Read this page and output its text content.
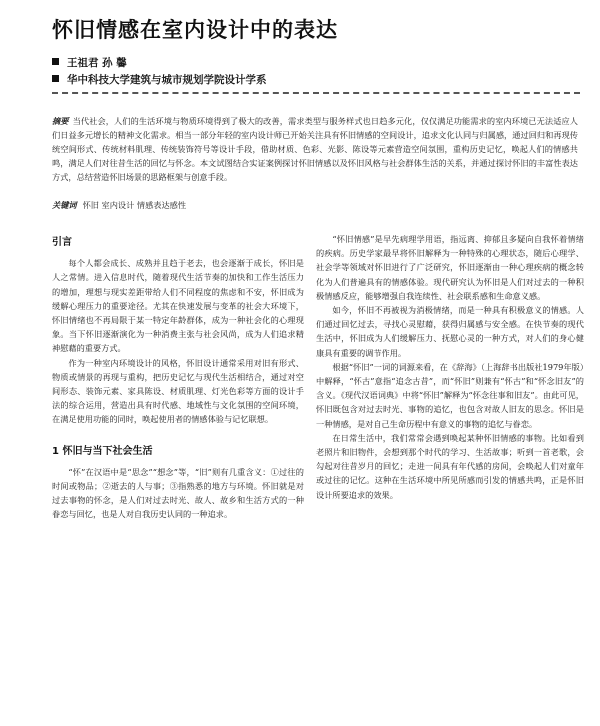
怀旧情感在室内设计中的表达
王祖君 孙 馨
华中科技大学建筑与城市规划学院设计学系
摘要 当代社会，人们的生活环境与物质环境得到了极大的改善，需求类型与服务样式也日趋多元化，仅仅满足功能需求的室内环境已无法适应人们日益多元增长的精神文化需求。相当一部分年轻的室内设计师已开始关注具有怀旧情感的空间设计，追求文化认同与归属感，通过回归和再现传统空间形式、传统材料肌理、传统装饰符号等设计手段，借助材质、色彩、光影、陈设等元素营造空间氛围，重构历史记忆，唤起人们的情感共鸣，满足人们对往昔生活的回忆与怀念。本文试图结合实证案例探讨怀旧情感以及怀旧风格与社会群体生活的关系，并通过探讨怀旧的丰富性表达方式，总结营造怀旧场景的思路框架与创意手段。
关键词 怀旧 室内设计 情感表达感性
引言

每个人都会成长、成熟并且趋于老去，也会逐渐于成长，怀旧是人之常情。进入信息时代，随着现代生活节奏的加快和工作生活压力的增加，理想与现实差距带给人们不同程度的焦虑和不安，怀旧成为缓解心理压力的重要途径。尤其在快速发展与变革的社会大环境下，怀旧情绪也不再局限于某一特定年龄群体，成为一种社会化的心理现象。当下怀旧逐渐演化为一种消费主张与社会风尚，成为人们追求精神慰藉的重要方式。

作为一种室内环境设计的风格，怀旧设计通常采用对旧有形式、物质或情景的再现与重构，把历史记忆与现代生活相结合，通过对空间形态、装饰元素、家具陈设、材质肌理、灯光色彩等方面的设计手法的综合运用，营造出具有时代感、地域性与文化氛围的空间环境，在满足使用功能的同时，唤起使用者的情感体验与记忆联想。

1 怀旧与当下社会生活

“怀”在汉语中是“思念”“想念”等，“旧”则有几重含义：①过往的时间或物品；②逝去的人与事；③指熟悉的地方与环境。怀旧就是对过去事物的怀念，是人们对过去时光、故人、故乡和生活方式的一种眷恋与回忆，也是人对自我历史认同的一种追求。

“怀旧情感”是早先病理学用语，指远离、抑郁且多疑向自我怀着情绪的疾病。历史学家最早将怀旧解释为一种特殊的心理状态，随后心理学、社会学等领域对怀旧进行了广泛研究，怀旧逐渐由一种心理疾病的概念转化为人们普遍具有的情感体验。现代研究认为怀旧是人们对过去的一种积极情感反应，能够增强自我连续性、社会联系感和生命意义感。

如今，怀旧不再被视为消极情绪，而是一种具有积极意义的情感。人们通过回忆过去，寻找心灵慰藉，获得归属感与安全感。在快节奏的现代生活中，怀旧成为人们缓解压力、抚慰心灵的一种方式，对人们的身心健康具有重要的调节作用。

根据“怀旧”一词的词源来看，在《辞海》（上海辞书出版社1979年版）中解释，“怀古”意指“追念古昔”，而“怀旧”则兼有“怀古”和“怀念旧友”的含义。《现代汉语词典》中将“怀旧”解释为“怀念往事和旧友”。由此可见，怀旧既包含对过去时光、事物的追忆，也包含对故人旧友的思念。怀旧是一种情感，是对自己生命历程中有意义的事物的追忆与眷恋。

在日常生活中，我们常常会遇到唤起某种怀旧情感的事物。比如看到老照片和旧物件，会想到那个时代的学习、生活故事；听到一首老歌，会勾起对往昔岁月的回忆；走进一间具有年代感的房间，会唤起人们对童年或过往的记忆。这种在生活环境中所见所感而引发的情感共鸣，正是怀旧设计所要追求的效果。
